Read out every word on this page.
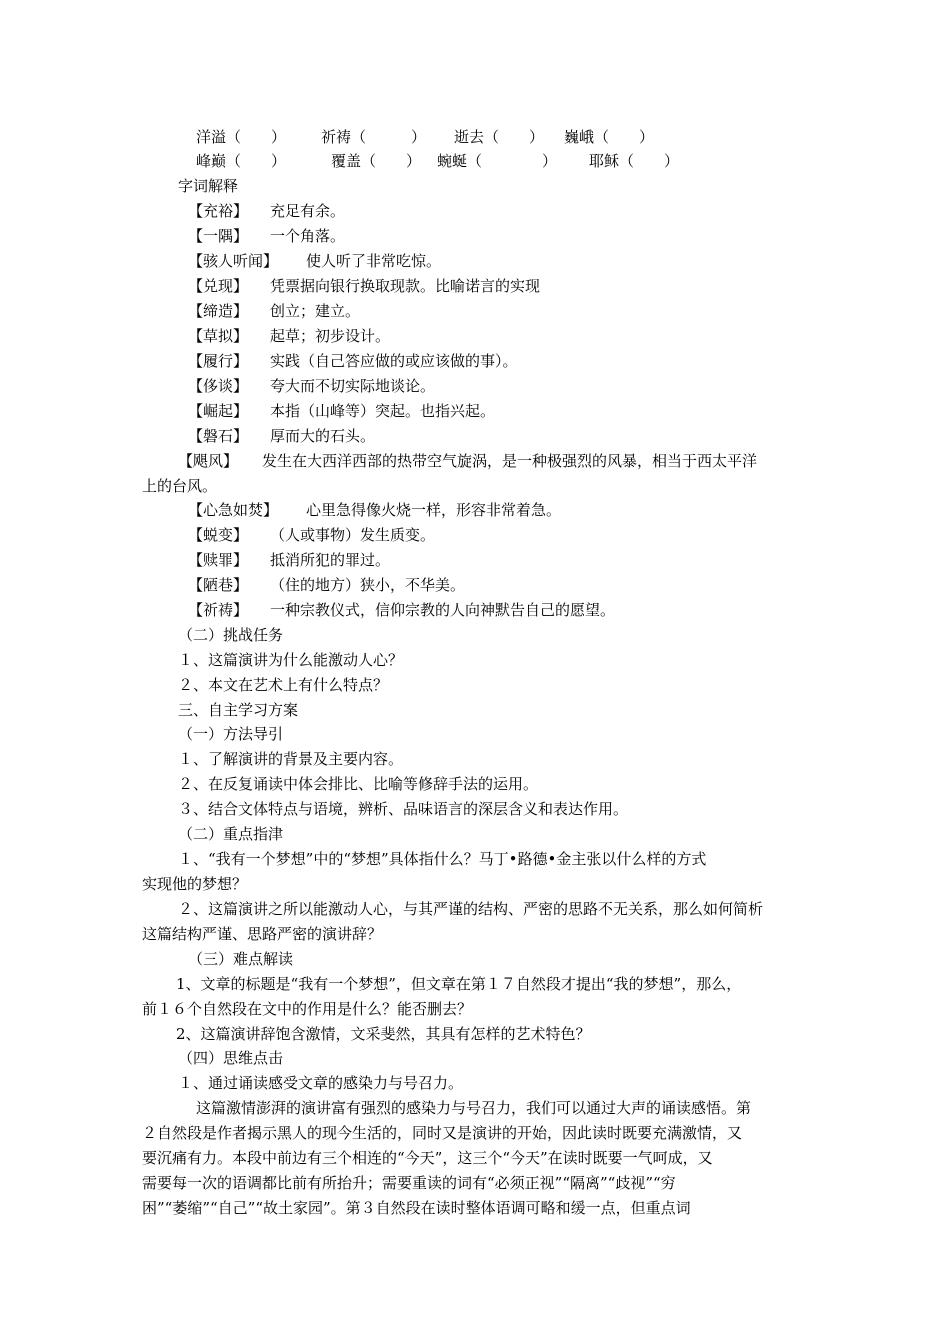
洋溢（　　） 祈祷（　　　） 逝去（　　） 巍峨（　　）
峰巅（　　）	覆盖（　　） 蜿蜒（　　　　） 耶稣（　　）
字词解释
【充裕】 充足有余。
【一隅】 一个角落。
【骇人听闻】 使人听了非常吃惊。
【兑现】 凭票据向银行换取现款。比喻诺言的实现
【缔造】 创立；建立。
【草拟】 起草；初步设计。
【履行】 实践（自己答应做的或应该做的事）。
【侈谈】 夸大而不切实际地谈论。
【崛起】 本指（山峰等）突起。也指兴起。
【磐石】 厚而大的石头。
【飓风】 发生在大西洋西部的热带空气旋涡，是一种极强烈的风暴，相当于西太平洋
上的台风。
【心急如焚】 心里急得像火烧一样，形容非常着急。
【蜕变】 （人或事物）发生质变。
【赎罪】 抵消所犯的罪过。
【陋巷】 （住的地方）狭小，不华美。
【祈祷】 一种宗教仪式，信仰宗教的人向神默告自己的愿望。
（二）挑战任务
１、这篇演讲为什么能激动人心？
２、本文在艺术上有什么特点？
三、自主学习方案
（一）方法导引
１、了解演讲的背景及主要内容。
２、在反复诵读中体会排比、比喻等修辞手法的运用。
３、结合文体特点与语境，辨析、品味语言的深层含义和表达作用。
（二）重点指津
１、“我有一个梦想”中的“梦想”具体指什么？马丁•路德•金主张以什么样的方式
实现他的梦想？
２、这篇演讲之所以能激动人心，与其严谨的结构、严密的思路不无关系，那么如何简析
这篇结构严谨、思路严密的演讲辞？
（三）难点解读
1、文章的标题是“我有一个梦想”，但文章在第１７自然段才提出“我的梦想”，那么，
前１６个自然段在文中的作用是什么？能否删去？
2、这篇演讲辞饱含激情，文采斐然，其具有怎样的艺术特色？
（四）思维点击
１、通过诵读感受文章的感染力与号召力。
这篇激情澎湃的演讲富有强烈的感染力与号召力，我们可以通过大声的诵读感悟。第
２自然段是作者揭示黑人的现今生活的，同时又是演讲的开始，因此读时既要充满激情，又
要沉痛有力。本段中前边有三个相连的“今天”，这三个“今天”在读时既要一气呵成，又
需要每一次的语调都比前有所抬升；需要重读的词有“必须正视”“隔离”“歧视”“穷
困”“萎缩”“自己”“故土家园”。第３自然段在读时整体语调可略和缓一点，但重点词
